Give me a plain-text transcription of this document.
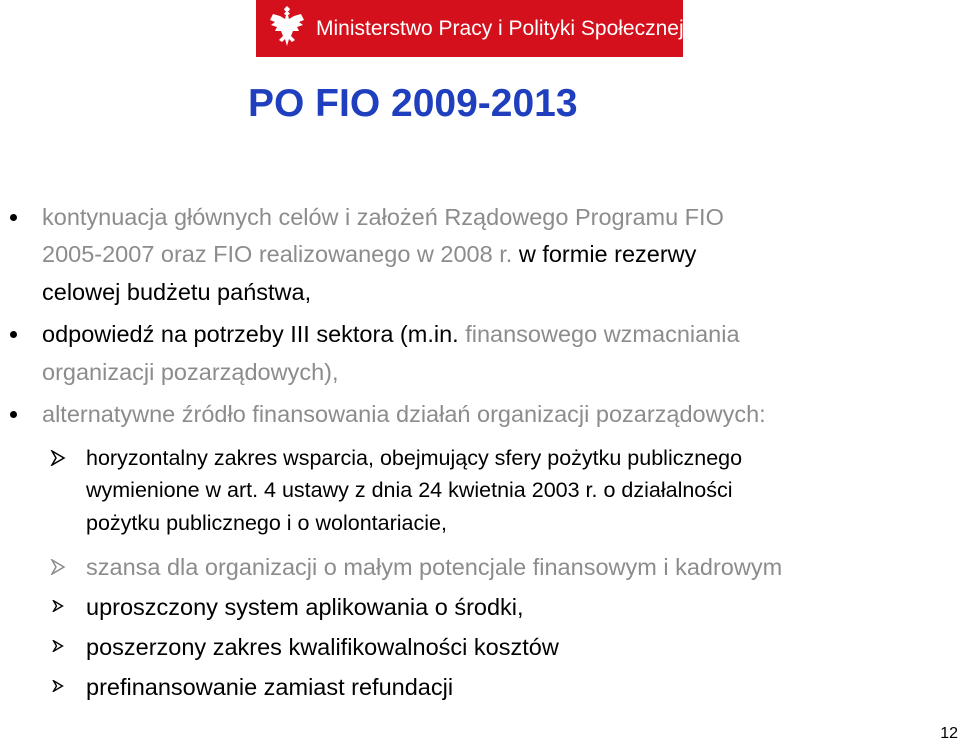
Ministerstwo Pracy i Polityki Społecznej
PO FIO 2009-2013
kontynuacja głównych celów i założeń Rządowego Programu FIO
2005-2007 oraz FIO realizowanego w 2008 r. w formie rezerwy
celowej budżetu państwa,
odpowiedź na potrzeby III sektora (m.in. finansowego wzmacniania
organizacji pozarządowych),
alternatywne źródło finansowania działań organizacji pozarządowych:
horyzontalny zakres wsparcia, obejmujący sfery pożytku publicznego
wymienione w art. 4 ustawy z dnia 24 kwietnia 2003 r. o działalności
pożytku publicznego i o wolontariacie,
szansa dla organizacji o małym potencjale finansowym i kadrowym
uproszczony system aplikowania o środki,
poszerzony zakres kwalifikowalności kosztów
prefinansowanie zamiast refundacji
12
